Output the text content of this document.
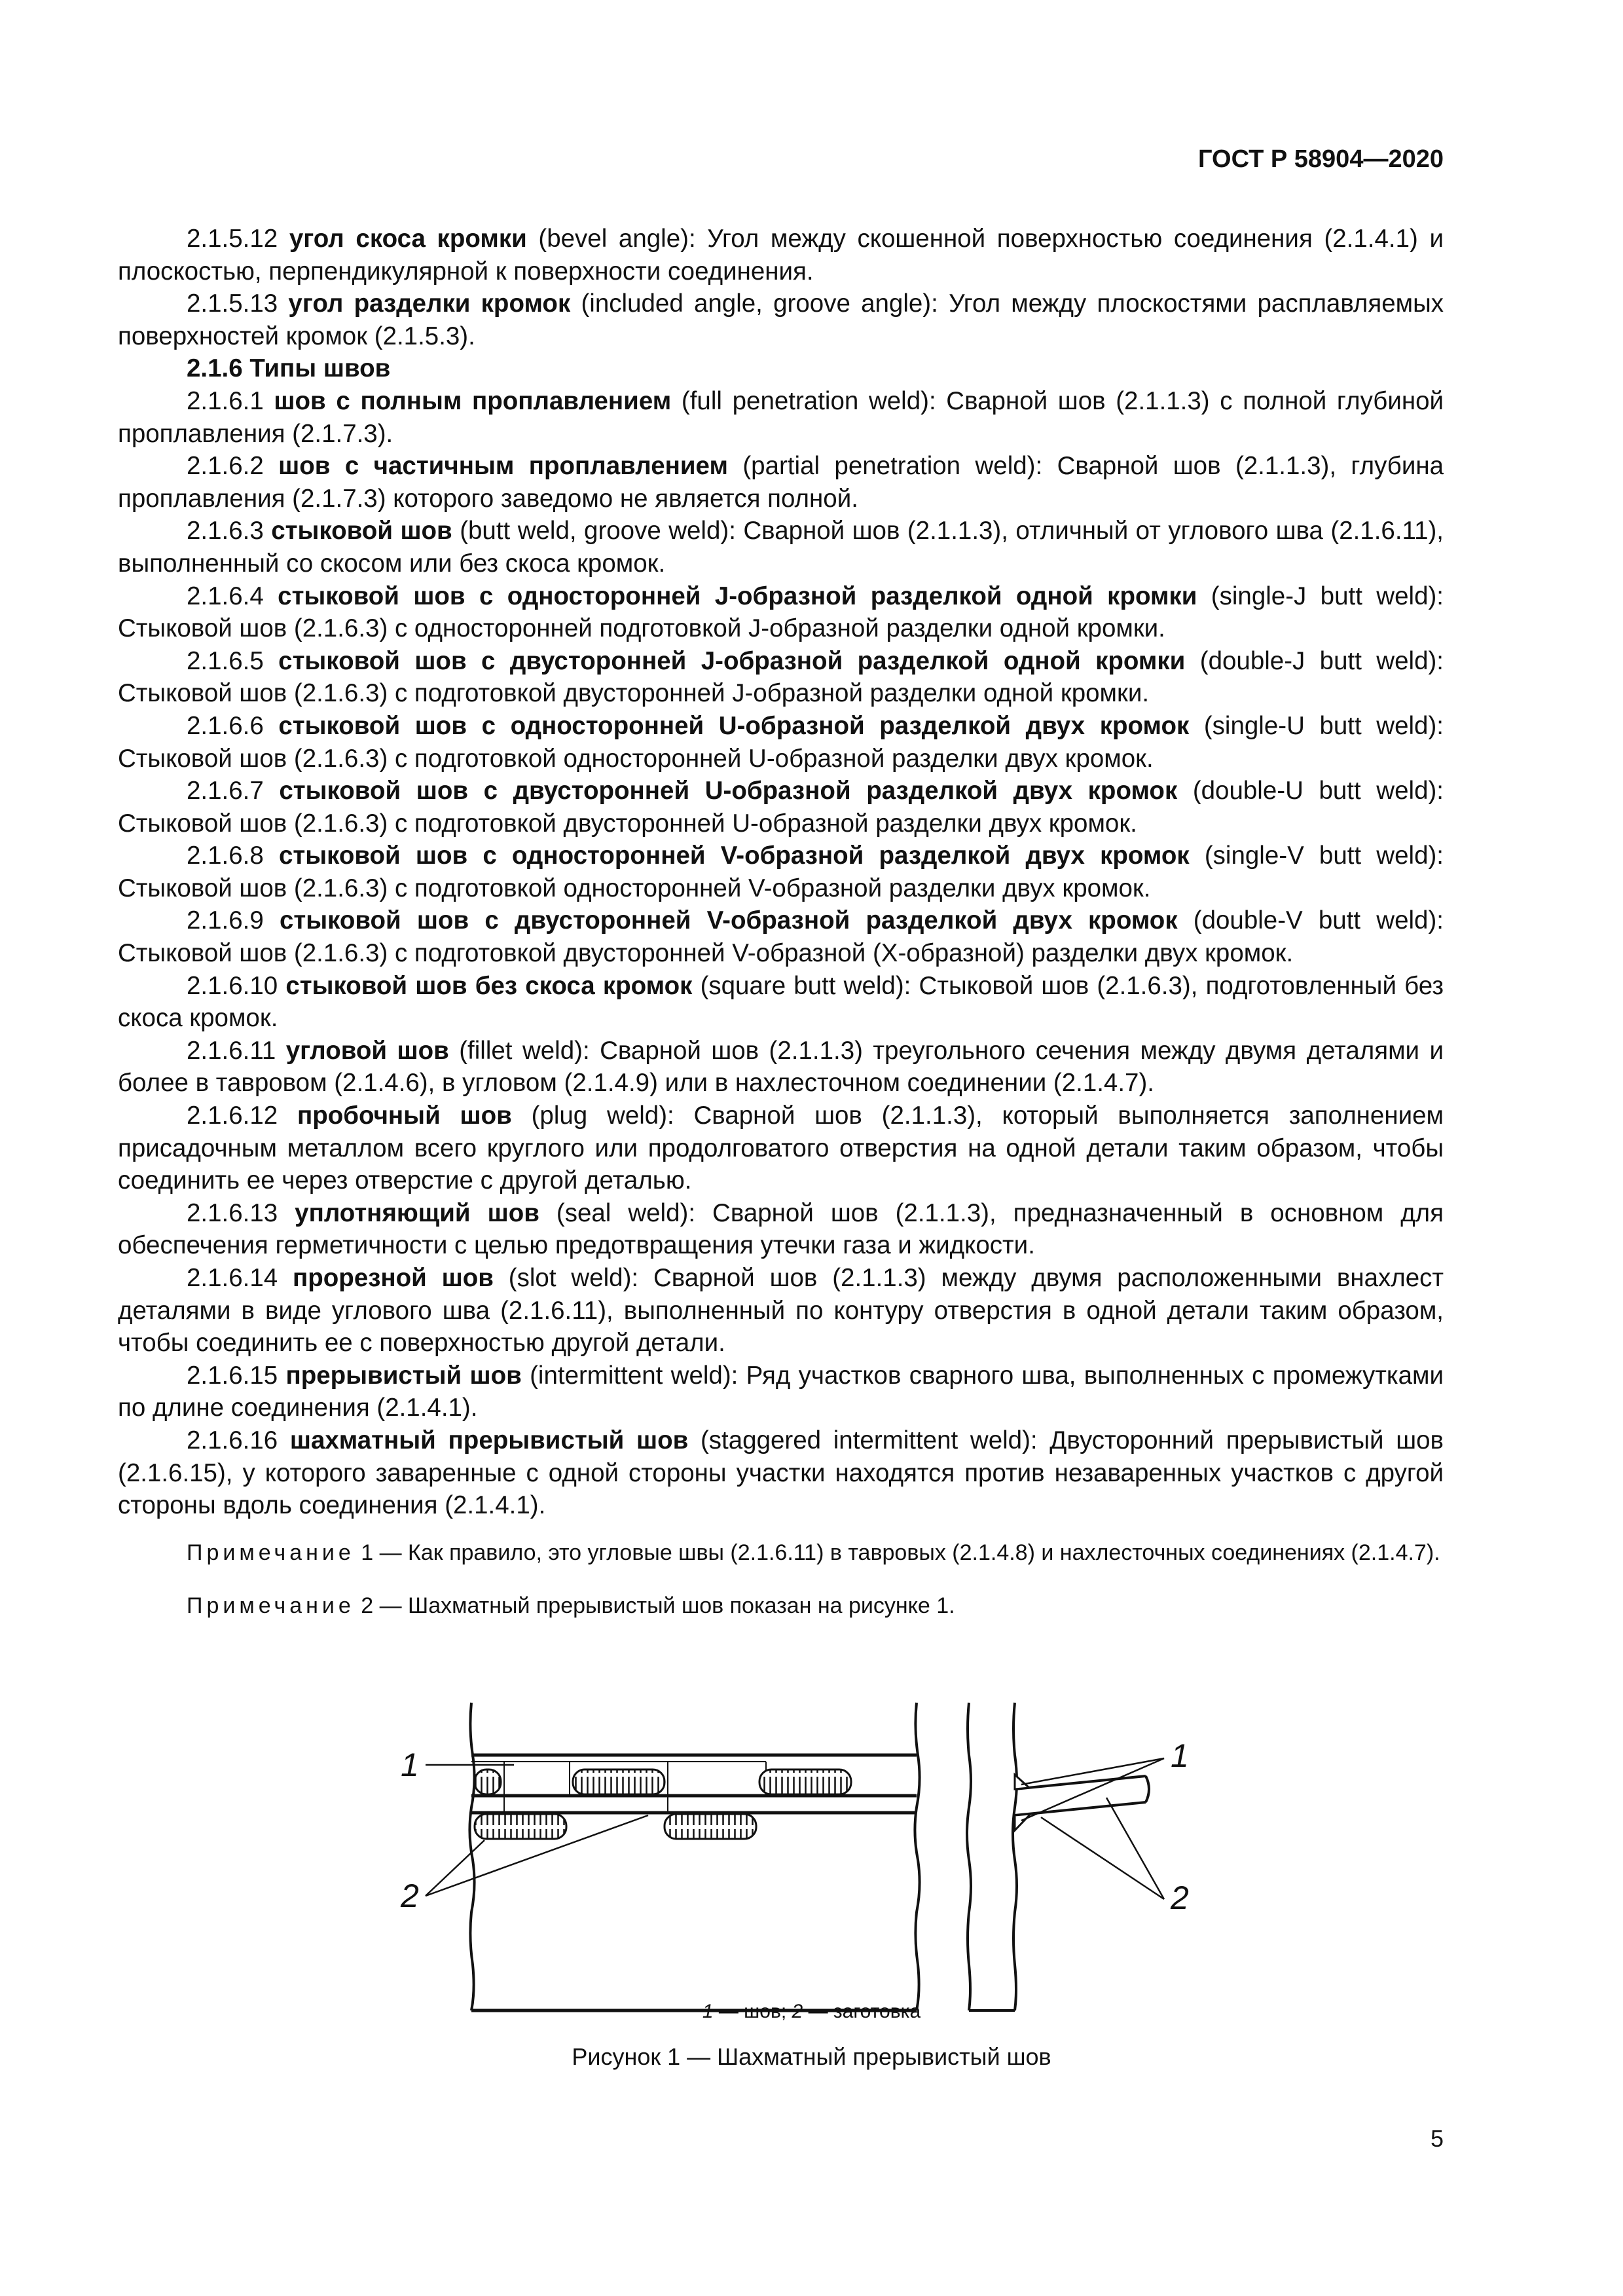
ГОСТ Р 58904—2020

2.1.5.12 угол скоса кромки (bevel angle): Угол между скошенной поверхностью соединения (2.1.4.1) и плоскостью, перпендикулярной к поверхности соединения.

2.1.5.13 угол разделки кромок (included angle, groove angle): Угол между плоскостями расплавляемых поверхностей кромок (2.1.5.3).

2.1.6 Типы швов

2.1.6.1 шов с полным проплавлением (full penetration weld): Сварной шов (2.1.1.3) с полной глубиной проплавления (2.1.7.3).

2.1.6.2 шов с частичным проплавлением (partial penetration weld): Сварной шов (2.1.1.3), глубина проплавления (2.1.7.3) которого заведомо не является полной.

2.1.6.3 стыковой шов (butt weld, groove weld): Сварной шов (2.1.1.3), отличный от углового шва (2.1.6.11), выполненный со скосом или без скоса кромок.

2.1.6.4 стыковой шов с односторонней J-образной разделкой одной кромки (single-J butt weld): Стыковой шов (2.1.6.3) с односторонней подготовкой J-образной разделки одной кромки.

2.1.6.5 стыковой шов с двусторонней J-образной разделкой одной кромки (double-J butt weld): Стыковой шов (2.1.6.3) с подготовкой двусторонней J-образной разделки одной кромки.

2.1.6.6 стыковой шов с односторонней U-образной разделкой двух кромок (single-U butt weld): Стыковой шов (2.1.6.3) с подготовкой односторонней U-образной разделки двух кромок.

2.1.6.7 стыковой шов с двусторонней U-образной разделкой двух кромок (double-U butt weld): Стыковой шов (2.1.6.3) с подготовкой двусторонней U-образной разделки двух кромок.

2.1.6.8 стыковой шов с односторонней V-образной разделкой двух кромок (single-V butt weld): Стыковой шов (2.1.6.3) с подготовкой односторонней V-образной разделки двух кромок.

2.1.6.9 стыковой шов с двусторонней V-образной разделкой двух кромок (double-V butt weld): Стыковой шов (2.1.6.3) с подготовкой двусторонней V-образной (X-образной) разделки двух кромок.

2.1.6.10 стыковой шов без скоса кромок (square butt weld): Стыковой шов (2.1.6.3), подготовленный без скоса кромок.

2.1.6.11 угловой шов (fillet weld): Сварной шов (2.1.1.3) треугольного сечения между двумя деталями и более в тавровом (2.1.4.6), в угловом (2.1.4.9) или в нахлесточном соединении (2.1.4.7).

2.1.6.12 пробочный шов (plug weld): Сварной шов (2.1.1.3), который выполняется заполнением присадочным металлом всего круглого или продолговатого отверстия на одной детали таким образом, чтобы соединить ее через отверстие с другой деталью.

2.1.6.13 уплотняющий шов (seal weld): Сварной шов (2.1.1.3), предназначенный в основном для обеспечения герметичности с целью предотвращения утечки газа и жидкости.

2.1.6.14 прорезной шов (slot weld): Сварной шов (2.1.1.3) между двумя расположенными внахлест деталями в виде углового шва (2.1.6.11), выполненный по контуру отверстия в одной детали таким образом, чтобы соединить ее с поверхностью другой детали.

2.1.6.15 прерывистый шов (intermittent weld): Ряд участков сварного шва, выполненных с промежутками по длине соединения (2.1.4.1).

2.1.6.16 шахматный прерывистый шов (staggered intermittent weld): Двусторонний прерывистый шов (2.1.6.15), у которого заваренные с одной стороны участки находятся против незаваренных участков с другой стороны вдоль соединения (2.1.4.1).

Примечание 1 — Как правило, это угловые швы (2.1.6.11) в тавровых (2.1.4.8) и нахлесточных соединениях (2.1.4.7).

Примечание 2 — Шахматный прерывистый шов показан на рисунке 1.

1
2
1
2
1 — шов; 2 — заготовка
Рисунок 1 — Шахматный прерывистый шов
5
